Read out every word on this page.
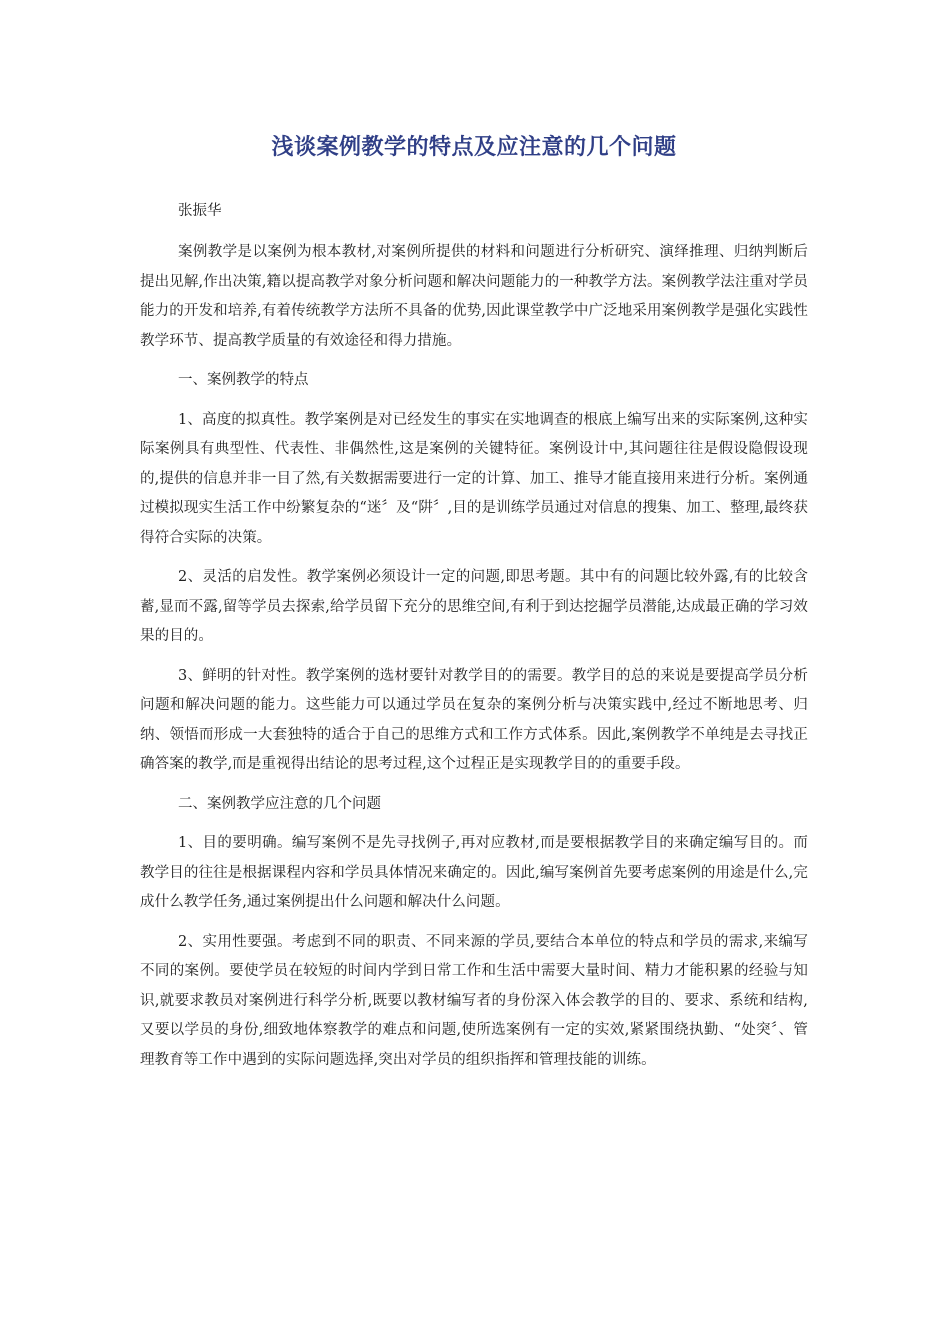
浅谈案例教学的特点及应注意的几个问题

张振华

案例教学是以案例为根本教材,对案例所提供的材料和问题进行分析研究、演绎推理、归纳判断后提出见解,作出决策,籍以提高教学对象分析问题和解决问题能力的一种教学方法。案例教学法注重对学员能力的开发和培养,有着传统教学方法所不具备的优势,因此课堂教学中广泛地采用案例教学是强化实践性教学环节、提高教学质量的有效途径和得力措施。

一、案例教学的特点

1、高度的拟真性。教学案例是对已经发生的事实在实地调查的根底上编写出来的实际案例,这种实际案例具有典型性、代表性、非偶然性,这是案例的关键特征。案例设计中,其问题往往是假设隐假设现的,提供的信息并非一目了然,有关数据需要进行一定的计算、加工、推导才能直接用来进行分析。案例通过模拟现实生活工作中纷繁复杂的“迷〞及“阱〞,目的是训练学员通过对信息的搜集、加工、整理,最终获得符合实际的决策。

2、灵活的启发性。教学案例必须设计一定的问题,即思考题。其中有的问题比较外露,有的比较含蓄,显而不露,留等学员去探索,给学员留下充分的思维空间,有利于到达挖掘学员潜能,达成最正确的学习效果的目的。

3、鲜明的针对性。教学案例的选材要针对教学目的的需要。教学目的总的来说是要提高学员分析问题和解决问题的能力。这些能力可以通过学员在复杂的案例分析与决策实践中,经过不断地思考、归纳、领悟而形成一大套独特的适合于自己的思维方式和工作方式体系。因此,案例教学不单纯是去寻找正确答案的教学,而是重视得出结论的思考过程,这个过程正是实现教学目的的重要手段。

二、案例教学应注意的几个问题

1、目的要明确。编写案例不是先寻找例子,再对应教材,而是要根据教学目的来确定编写目的。而教学目的往往是根据课程内容和学员具体情况来确定的。因此,编写案例首先要考虑案例的用途是什么,完成什么教学任务,通过案例提出什么问题和解决什么问题。

2、实用性要强。考虑到不同的职责、不同来源的学员,要结合本单位的特点和学员的需求,来编写不同的案例。要使学员在较短的时间内学到日常工作和生活中需要大量时间、精力才能积累的经验与知识,就要求教员对案例进行科学分析,既要以教材编写者的身份深入体会教学的目的、要求、系统和结构,又要以学员的身份,细致地体察教学的难点和问题,使所选案例有一定的实效,紧紧围绕执勤、“处突〞、管理教育等工作中遇到的实际问题选择,突出对学员的组织指挥和管理技能的训练。
